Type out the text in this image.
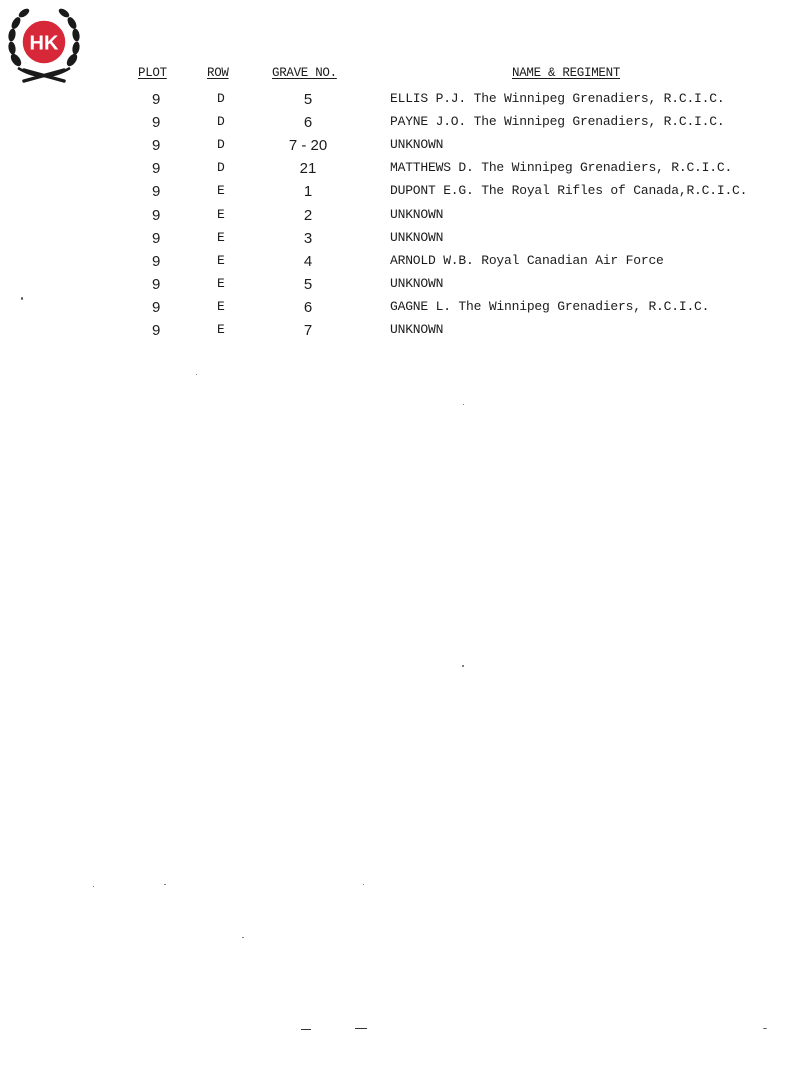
HK
PLOT	ROW	GRAVE NO.	NAME & REGIMENT
9	D	5	ELLIS P.J. The Winnipeg Grenadiers, R.C.I.C.
9	D	6	PAYNE J.O. The Winnipeg Grenadiers, R.C.I.C.
9	D	7 - 20	UNKNOWN
9	D	21	MATTHEWS D. The Winnipeg Grenadiers, R.C.I.C.
9	E	1	DUPONT E.G. The Royal Rifles of Canada,R.C.I.C.
9	E	2	UNKNOWN
9	E	3	UNKNOWN
9	E	4	ARNOLD W.B. Royal Canadian Air Force
9	E	5	UNKNOWN
9	E	6	GAGNE L. The Winnipeg Grenadiers, R.C.I.C.
9	E	7	UNKNOWN
